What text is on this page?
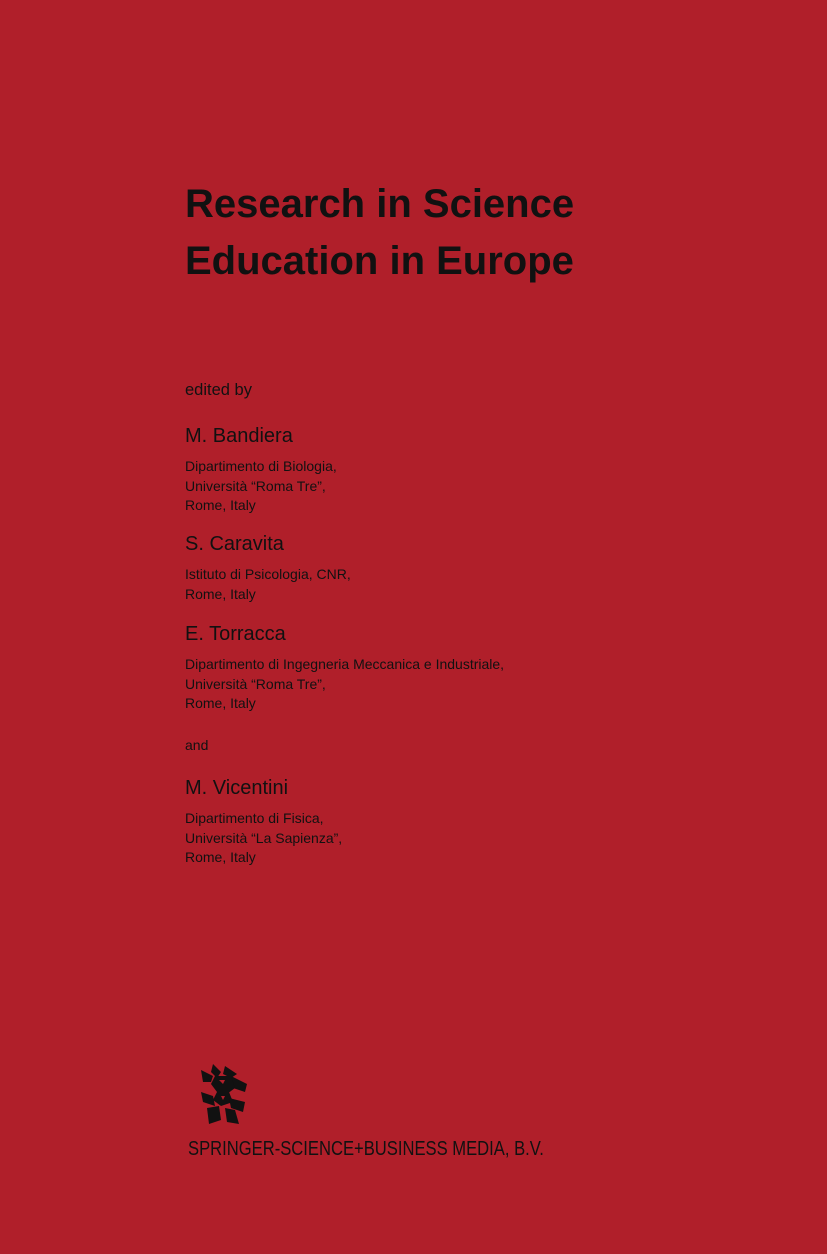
Research in Science
Education in Europe
edited by
M. Bandiera
Dipartimento di Biologia,
Università “Roma Tre”,
Rome, Italy
S. Caravita
Istituto di Psicologia, CNR,
Rome, Italy
E. Torracca
Dipartimento di Ingegneria Meccanica e Industriale,
Università “Roma Tre”,
Rome, Italy
and
M. Vicentini
Dipartimento di Fisica,
Università “La Sapienza”,
Rome, Italy
SPRINGER-SCIENCE+BUSINESS MEDIA, B.V.
